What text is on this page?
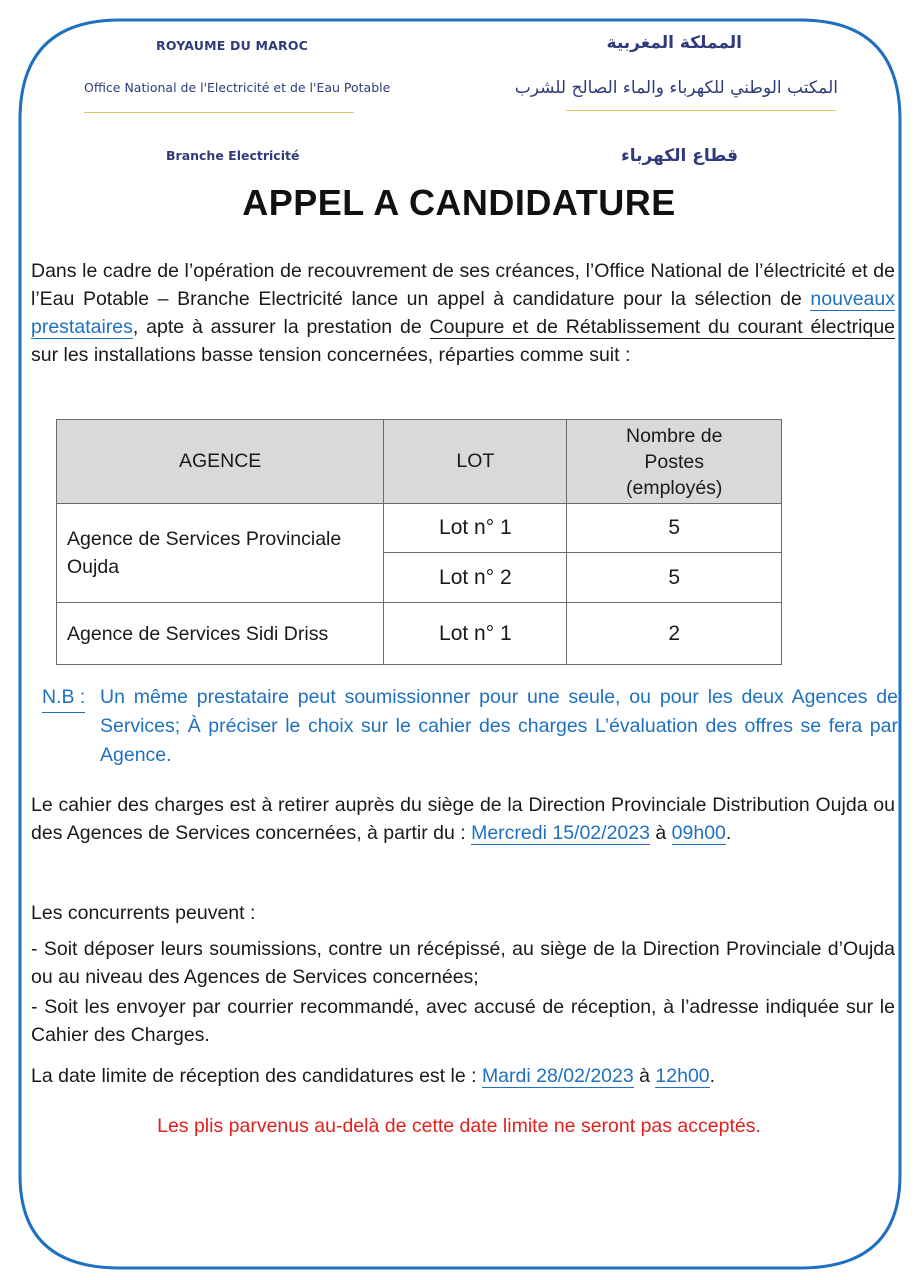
ROYAUME DU MAROC
Office National de l'Electricité et de l'Eau Potable
Branche Electricité
المملكة المغربية
المكتب الوطني للكهرباء والماء الصالح للشرب
قطاع الكهرباء
APPEL A CANDIDATURE
Dans le cadre de l’opération de recouvrement de ses créances, l’Office National de l’électricité et de l’Eau Potable – Branche Electricité lance un appel à candidature pour la sélection de nouveaux prestataires, apte à assurer la prestation de Coupure et de Rétablissement du courant électrique sur les installations basse tension concernées, réparties comme suit :
AGENCE	LOT	Nombre de
Postes
(employés)

Agence de Services Provinciale Oujda	Lot n° 1	5
	Lot n° 2	5
Agence de Services Sidi Driss	Lot n° 1	2
N.B : Un même prestataire peut soumissionner pour une seule, ou pour les deux Agences de Services; À préciser le choix sur le cahier des charges L’évaluation des offres se fera par Agence.
Le cahier des charges est à retirer auprès du siège de la Direction Provinciale Distribution Oujda ou des Agences de Services concernées, à partir du : Mercredi 15/02/2023 à 09h00.
Les concurrents peuvent :
- Soit déposer leurs soumissions, contre un récépissé, au siège de la Direction Provinciale d’Oujda ou au niveau des Agences de Services concernées;
- Soit les envoyer par courrier recommandé, avec accusé de réception, à l’adresse indiquée sur le Cahier des Charges.
La date limite de réception des candidatures est le : Mardi 28/02/2023 à 12h00.
Les plis parvenus au-delà de cette date limite ne seront pas acceptés.
